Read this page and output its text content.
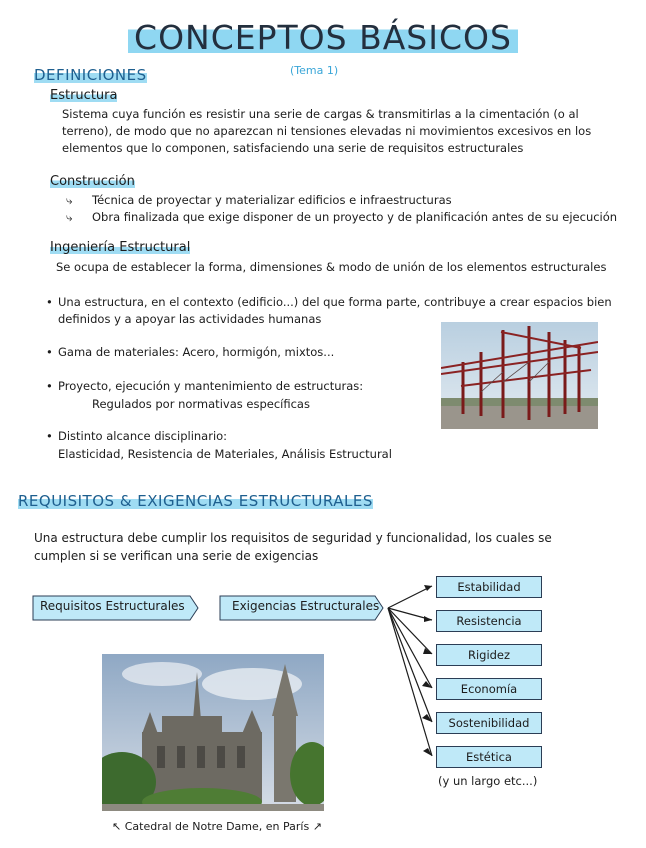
CONCEPTOS BÁSICOS
(Tema 1)
DEFINICIONES
Estructura
Sistema cuya función es resistir una serie de cargas & transmitirlas a la cimentación (o al
terreno), de modo que no aparezcan ni tensiones elevadas ni movimientos excesivos en los
elementos que lo componen, satisfaciendo una serie de requisitos estructurales
Construcción
⤷ Técnica de proyectar y materializar edificios e infraestructuras
⤷ Obra finalizada que exige disponer de un proyecto y de planificación antes de su ejecución
Ingeniería Estructural
Se ocupa de establecer la forma, dimensiones & modo de unión de los elementos estructurales
• Una estructura, en el contexto (edificio...) del que forma parte, contribuye a crear espacios bien
definidos y a apoyar las actividades humanas
• Gama de materiales: Acero, hormigón, mixtos...
• Proyecto, ejecución y mantenimiento de estructuras:
Regulados por normativas específicas
• Distinto alcance disciplinario:
Elasticidad, Resistencia de Materiales, Análisis Estructural
REQUISITOS & EXIGENCIAS ESTRUCTURALES
Una estructura debe cumplir los requisitos de seguridad y funcionalidad, los cuales se
cumplen si se verifican una serie de exigencias
Requisitos Estructurales	Exigencias Estructurales
Estabilidad
Resistencia
Rigidez
Economía
Sostenibilidad
Estética
(y un largo etc...)
↖ Catedral de Notre Dame, en París ↗
